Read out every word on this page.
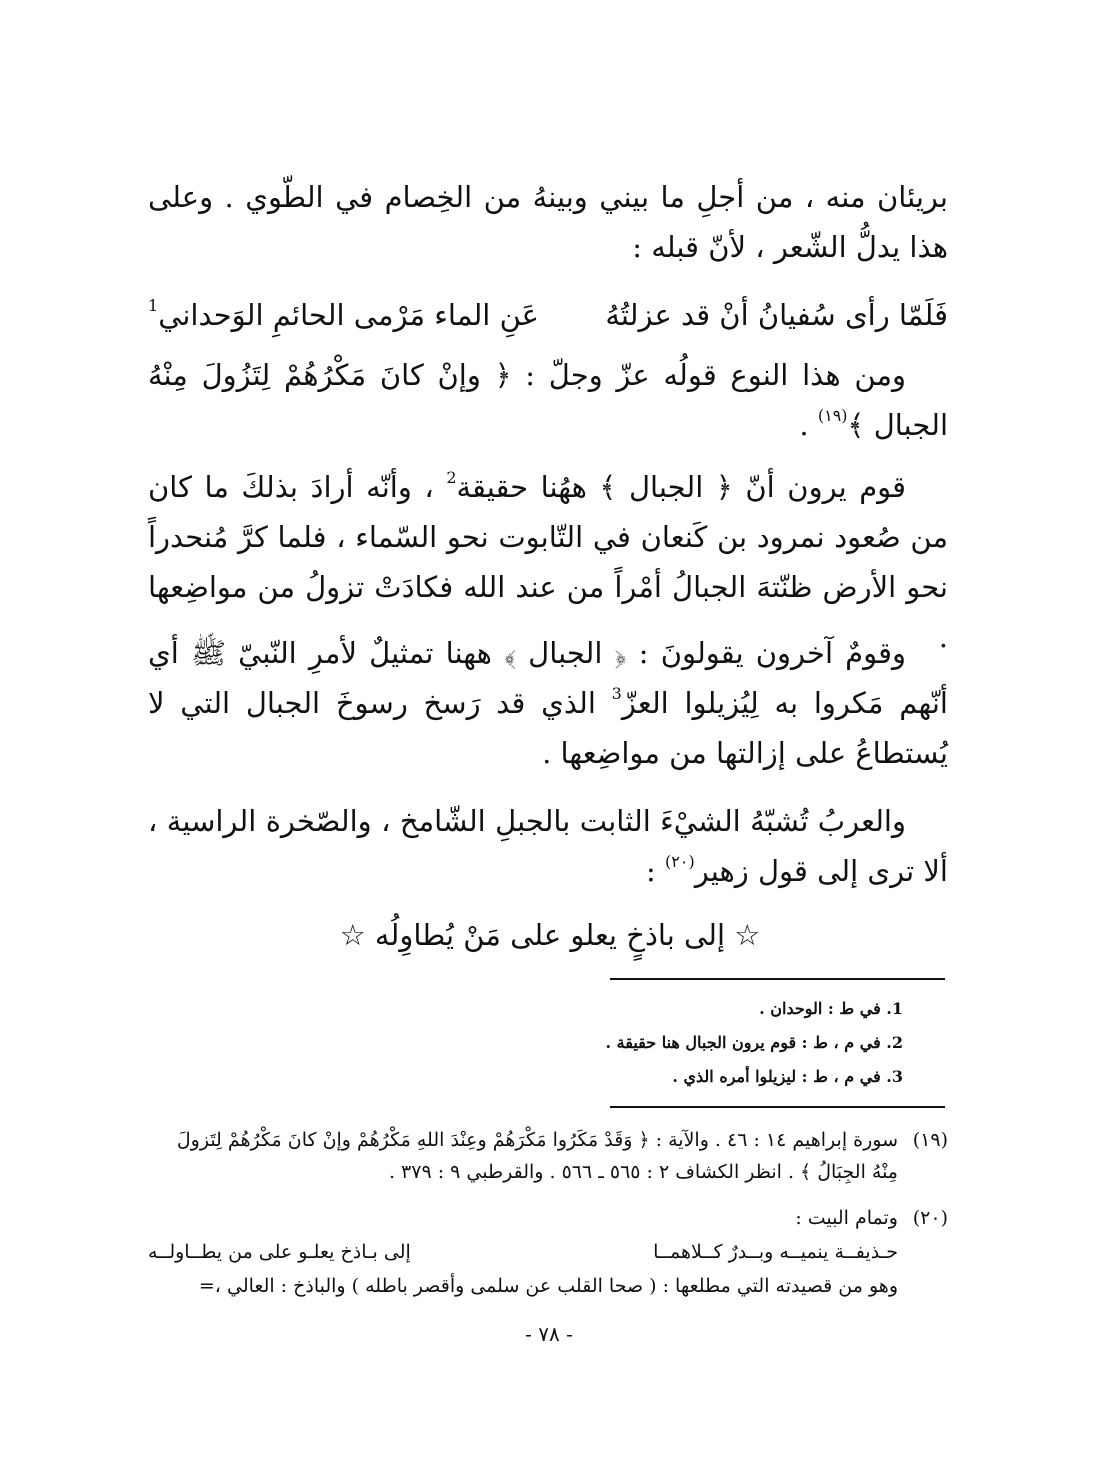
بريئان منه ، من أجلِ ما بيني وبينهُ من الخِصام في الطّوي . وعلى هذا يدلُّ الشّعر ، لأنّ قبله :

فَلَمّا رأى سُفيانُ أنْ قد عزلتُهُ
عَنِ الماء مَرْمى الحائمِ الوَحداني$^1$

ومن هذا النوع قولُه عزّ وجلّ : ﴿ وإنْ كانَ مَكْرُهُمْ لِتَزُولَ مِنْهُ الجبال ﴾$^{(١٩)}$ .

قوم يرون أنّ ﴿ الجبال ﴾ ههُنا حقيقة$^2$ ، وأنّه أرادَ بذلكَ ما كان من صُعود نمرود بن كَنعان في التّابوت نحو السّماء ، فلما كرَّ مُنحدراً نحو الأرض ظنّتهَ الجبالُ أمْراً من عند الله فكادَتْ تزولُ من مواضِعها .

وقومٌ آخرون يقولونَ : ﴿ الجبال ﴾ ههنا تمثيلٌ لأمرِ النّبيّ ﷺ أي أنّهم مَكروا به لِيُزيلوا العزّ$^3$ الذي قد رَسخ رسوخَ الجبال التي لا يُستطاعُ على إزالتها من مواضِعها .

والعربُ تُشبّهُ الشيْءَ الثابت بالجبلِ الشّامخ ، والصّخرة الراسية ، ألا ترى إلى قول زهير$^{(٢٠)}$ :

☆ إلى باذخٍ يعلو على مَنْ يُطاوِلُه ☆
1. في ط : الوحدان .
2. في م ، ط : قوم يرون الجبال هنا حقيقة .
3. في م ، ط : ليزيلوا أمره الذي .
(١٩)
سورة إبراهيم ١٤ : ٤٦ . والآية : ﴿ وَقَدْ مَكَرُوا مَكْرَهُمْ وعِنْدَ اللهِ مَكْرُهُمْ وإنْ كانَ مَكْرُهُمْ لِتَزولَ مِنْهُ الجِبَالُ ﴾ . انظر الكشاف ٢ : ٥٦٥ ـ ٥٦٦ . والقرطبي ٩ : ٣٧٩ .
(٢٠)وتمام البيت :
حـذيفــة ينميــه وبــدرٌ كــلاهمــا
إلى بـاذخ يعلـو على من يطــاولــه
وهو من قصيدته التي مطلعها : ( صحا القلب عن سلمى وأقصر باطله ) والباذخ : العالي ،=
- ٧٨ -
